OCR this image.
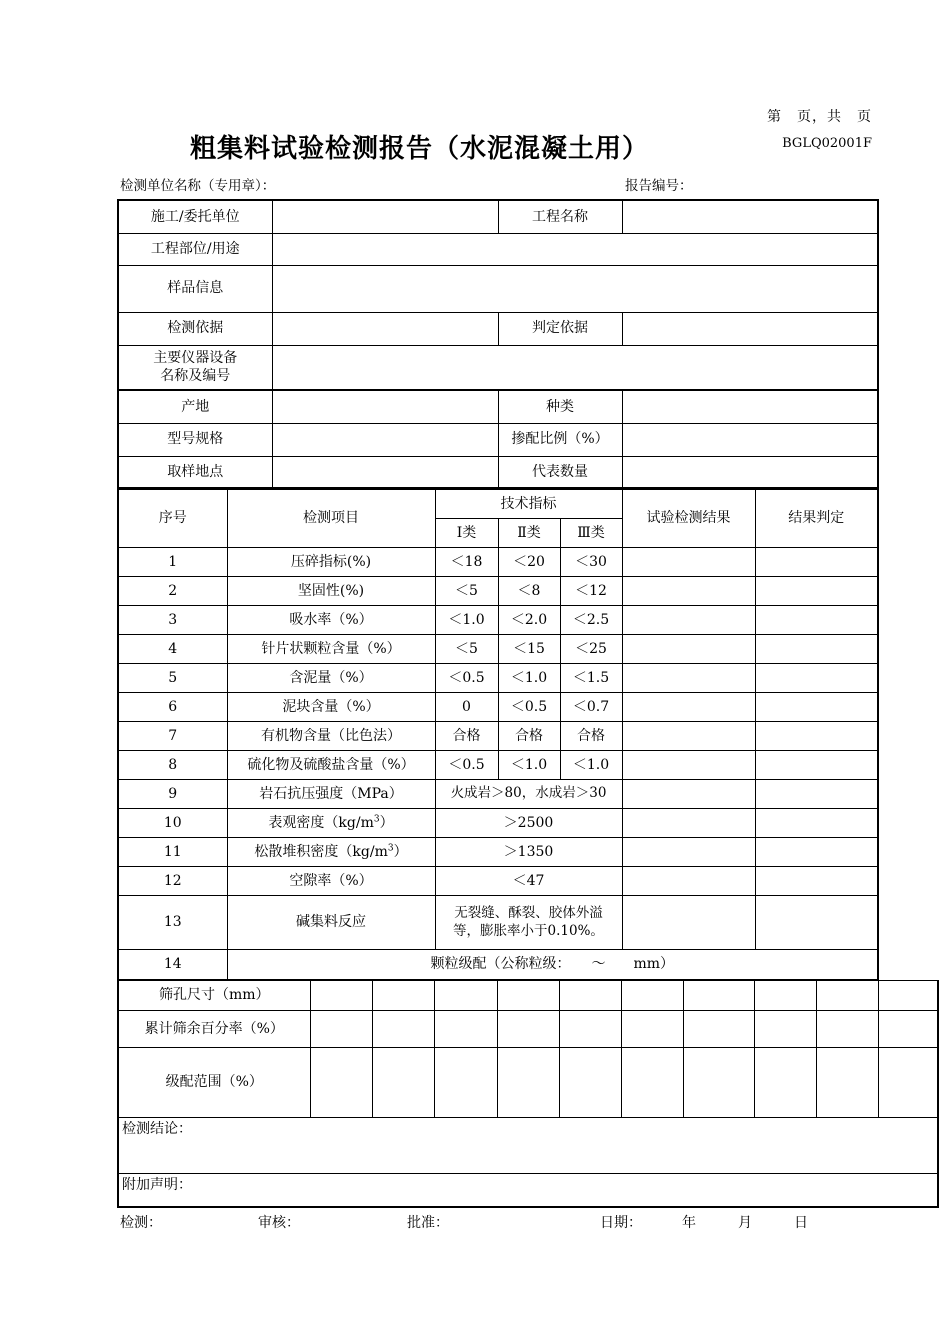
第　页，共　页
粗集料试验检测报告（水泥混凝土用）	BGLQ02001F
检测单位名称（专用章）：	报告编号：
施工/委托单位		工程名称	
工程部位/用途			
样品信息			
检测依据		判定依据	
主要仪器设备
名称及编号			
产地		种类	
型号规格		掺配比例（%）	
取样地点		代表数量	
序号	检测项目	技术指标			试验检测结果	结果判定
		Ⅰ类	Ⅱ类	Ⅲ类		
1	压碎指标(%)	＜18	＜20	＜30		
2	坚固性(%)	＜5	＜8	＜12		
3	吸水率（%）	＜1.0	＜2.0	＜2.5		
4	针片状颗粒含量（%）	＜5	＜15	＜25		
5	含泥量（%）	＜0.5	＜1.0	＜1.5		
6	泥块含量（%）	0	＜0.5	＜0.7		
7	有机物含量（比色法）	合格	合格	合格		
8	硫化物及硫酸盐含量（%）	＜0.5	＜1.0	＜1.0		
9	岩石抗压强度（MPa）	火成岩＞80，水成岩＞30				
10	表观密度$(kg/m^3)$	＞2500				
11	松散堆积密度$(kg/m^3)$	＞1350				
12	空隙率（%）	＜47				
13	碱集料反应	无裂缝、酥裂、胶体外溢
等，膨胀率小于0.10%。				
14	颗粒级配（公称粒级：　　～　　mm）					
筛孔尺寸（mm）										
累计筛余百分率（%）										
级配范围（%）										
检测结论：										
附加声明：										
检测：	审核：	批准：	日期：	年	月	日
